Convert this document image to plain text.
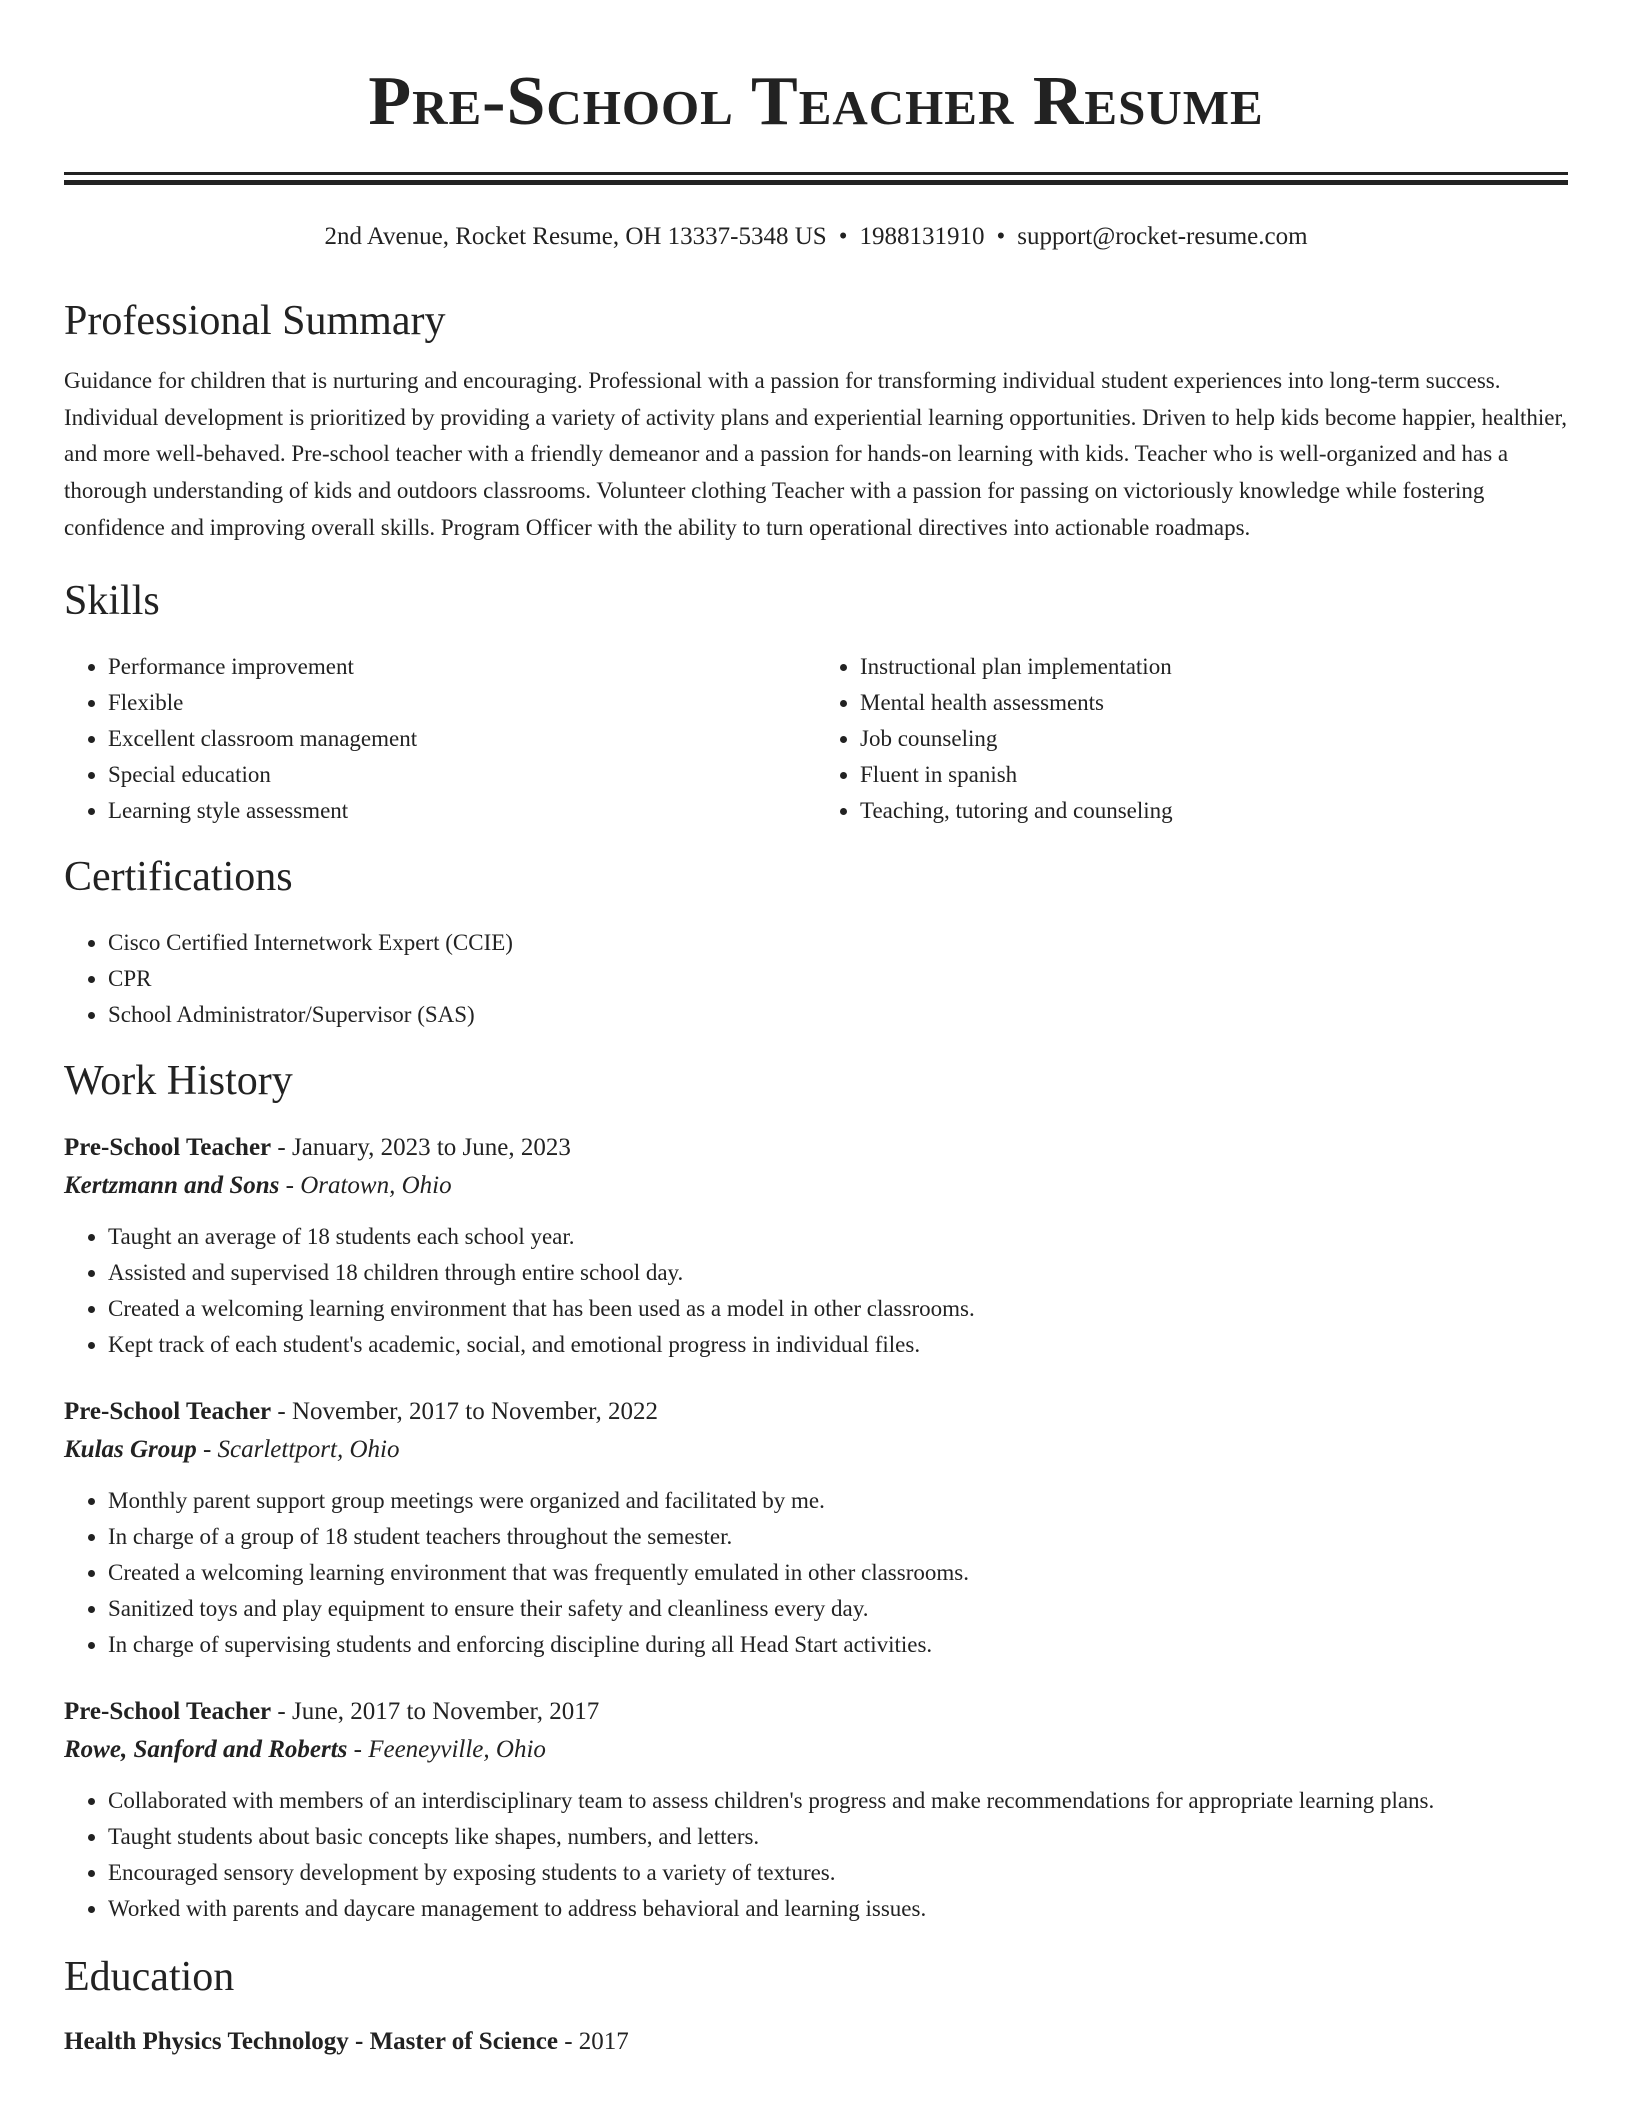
Pre-School Teacher Resume
2nd Avenue, Rocket Resume, OH 13337-5348 US • 1988131910 • support@rocket-resume.com
Professional Summary

Guidance for children that is nurturing and encouraging. Professional with a passion for transforming individual student experiences into long-term success. Individual development is prioritized by providing a variety of activity plans and experiential learning opportunities. Driven to help kids become happier, healthier, and more well-behaved. Pre-school teacher with a friendly demeanor and a passion for hands-on learning with kids. Teacher who is well-organized and has a thorough understanding of kids and outdoors classrooms. Volunteer clothing Teacher with a passion for passing on victoriously knowledge while fostering confidence and improving overall skills. Program Officer with the ability to turn operational directives into actionable roadmaps.

Skills
• Performance improvement
• Flexible
• Excellent classroom management
• Special education
• Learning style assessment
• Instructional plan implementation
• Mental health assessments
• Job counseling
• Fluent in spanish
• Teaching, tutoring and counseling
Certifications
• Cisco Certified Internetwork Expert (CCIE)
• CPR
• School Administrator/Supervisor (SAS)
Work History
Pre-School Teacher - January, 2023 to June, 2023
Kertzmann and Sons - Oratown, Ohio
• Taught an average of 18 students each school year.
• Assisted and supervised 18 children through entire school day.
• Created a welcoming learning environment that has been used as a model in other classrooms.
• Kept track of each student's academic, social, and emotional progress in individual files.
Pre-School Teacher - November, 2017 to November, 2022
Kulas Group - Scarlettport, Ohio
• Monthly parent support group meetings were organized and facilitated by me.
• In charge of a group of 18 student teachers throughout the semester.
• Created a welcoming learning environment that was frequently emulated in other classrooms.
• Sanitized toys and play equipment to ensure their safety and cleanliness every day.
• In charge of supervising students and enforcing discipline during all Head Start activities.
Pre-School Teacher - June, 2017 to November, 2017
Rowe, Sanford and Roberts - Feeneyville, Ohio
• Collaborated with members of an interdisciplinary team to assess children's progress and make recommendations for appropriate learning plans.
• Taught students about basic concepts like shapes, numbers, and letters.
• Encouraged sensory development by exposing students to a variety of textures.
• Worked with parents and daycare management to address behavioral and learning issues.
Education
Health Physics Technology - Master of Science - 2017
